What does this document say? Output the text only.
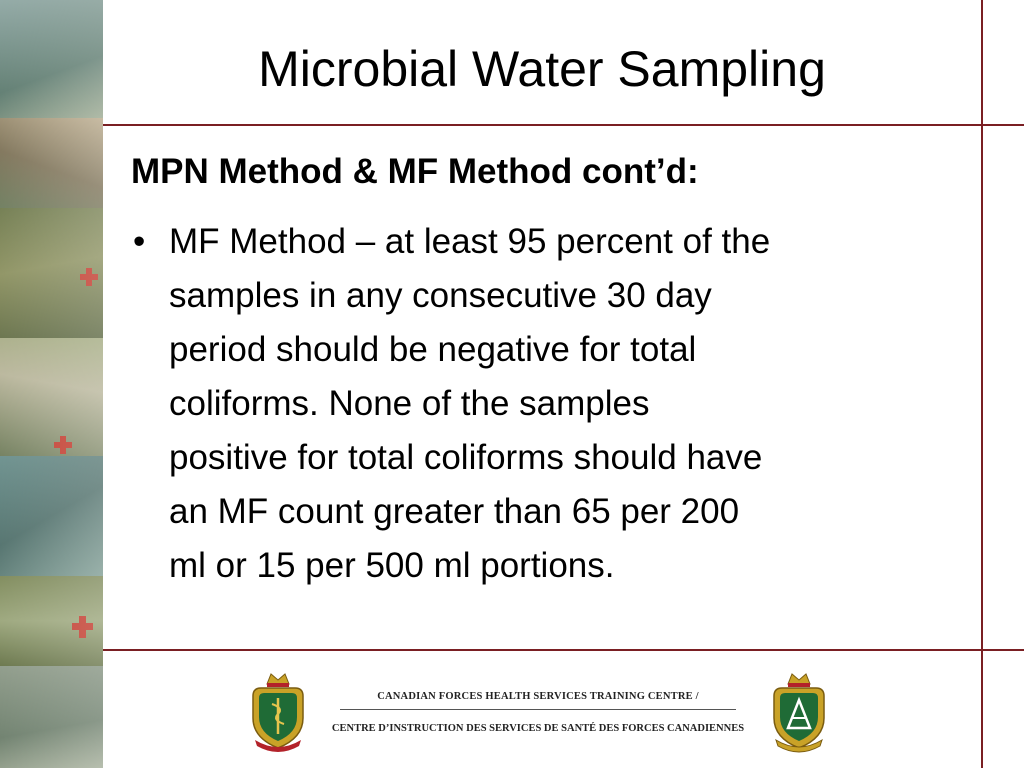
Microbial Water Sampling
MPN Method & MF Method cont’d:
• MF Method – at least 95 percent of the
samples in any consecutive 30 day
period should be negative for total
coliforms. None of the samples
positive for total coliforms should have
an MF count greater than 65 per 200
ml or 15 per 500 ml portions.
CANADIAN FORCES HEALTH SERVICES TRAINING CENTRE /
CENTRE D’INSTRUCTION DES SERVICES DE SANTÉ DES FORCES CANADIENNES
